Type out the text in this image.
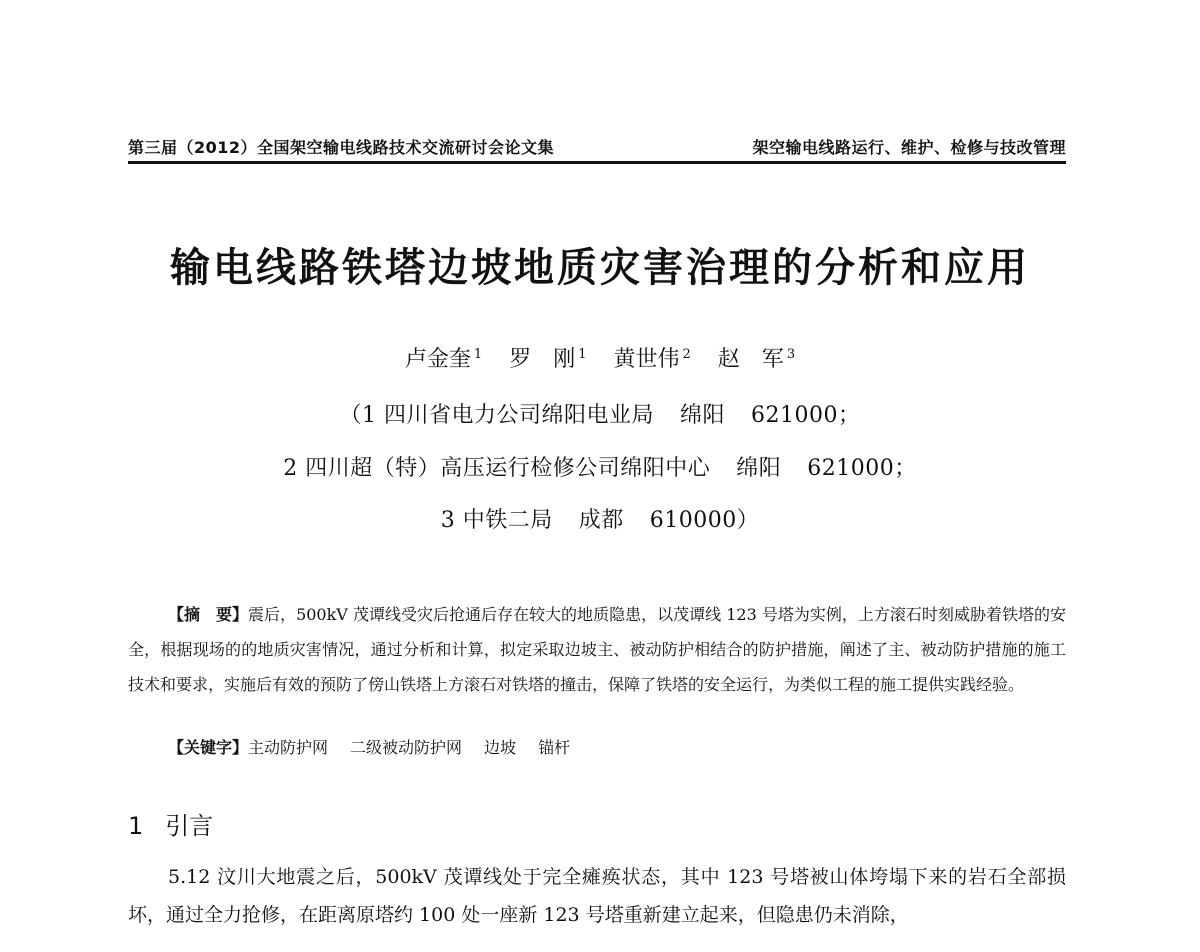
第三届（2012）全国架空输电线路技术交流研讨会论文集	架空输电线路运行、维护、检修与技改管理
输电线路铁塔边坡地质灾害治理的分析和应用
卢金奎 $^1$ 罗　刚 $^1$ 黄世伟 $^2$ 赵　军 $^3$
（1 四川省电力公司绵阳电业局 绵阳 621000；
2 四川超（特）高压运行检修公司绵阳中心 绵阳 621000；
3 中铁二局 成都 610000）

【摘　要】震后，500kV 茂谭线受灾后抢通后存在较大的地质隐患，以茂谭线 123 号塔为实例，上方滚石时刻威胁着铁塔的安全，根据现场的的地质灾害情况，通过分析和计算，拟定采取边坡主、被动防护相结合的防护措施，阐述了主、被动防护措施的施工技术和要求，实施后有效的预防了傍山铁塔上方滚石对铁塔的撞击，保障了铁塔的安全运行，为类似工程的施工提供实践经验。

【关键字】主动防护网 二级被动防护网 边坡 锚杆
1 引言

5.12 汶川大地震之后，500kV 茂谭线处于完全瘫痪状态，其中 123 号塔被山体垮塌下来的岩石全部损坏，通过全力抢修，在距离原塔约 100 处一座新 123 号塔重新建立起来，但隐患仍未消除，
